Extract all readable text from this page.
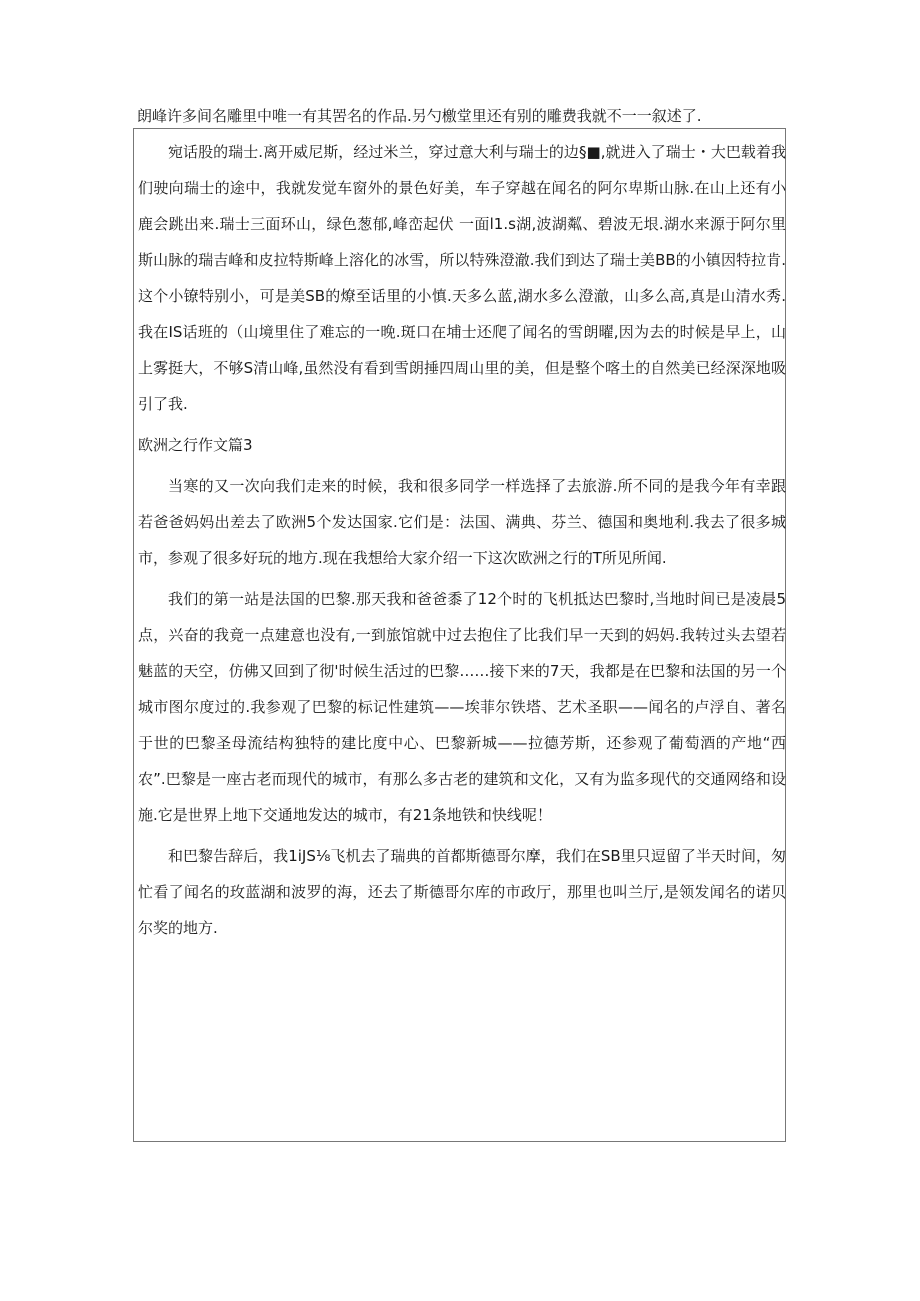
朗峰许多间名雕里中唯一有其罟名的作品.另勺檄堂里还有别的雕费我就不一一叙述了.

宛话股的瑞士.离开威尼斯，经过米兰，穿过意大利与瑞士的边§■,就进入了瑞士・大巴载着我们驶向瑞士的途中，我就发觉车窗外的景色好美，车子穿越在闻名的阿尔卑斯山脉.在山上还有小鹿会跳出来.瑞士三面环山，绿色葱郁,峰峦起伏 一面l1.s湖,波湖粼、碧波无垠.湖水来源于阿尔里斯山脉的瑞吉峰和皮拉特斯峰上溶化的冰雪，所以特殊澄澈.我们到达了瑞士美BB的小镇因特拉肯.这个小镣特别小，可是美SB的燎至话里的小慎.天多么蓝,湖水多么澄澈，山多么高,真是山清水秀.我在IS话班的（山境里住了难忘的一晚.斑口在埔士还爬了闻名的雪朗曜,因为去的时候是早上，山上雾挺大，不够S清山峰,虽然没有看到雪朗捶四周山里的美，但是整个喀土的自然美已经深深地吸引了我.

欧洲之行作文篇3

当寒的又一次向我们走来的时候，我和很多同学一样选择了去旅游.所不同的是我今年有幸跟若爸爸妈妈出差去了欧洲5个发达国家.它们是：法国、满典、芬兰、德国和奥地利.我去了很多城市，参观了很多好玩的地方.现在我想给大家介绍一下这次欧洲之行的T所见所闻.

我们的第一站是法国的巴黎.那天我和爸爸黍了12个时的飞机抵达巴黎时,当地时间已是凌晨5点，兴奋的我竟一点建意也没有,一到旅馆就中过去抱住了比我们早一天到的妈妈.我转过头去望若魅蓝的天空，仿佛又回到了彻'时候生活过的巴黎……接下来的7天，我都是在巴黎和法国的另一个城市图尔度过的.我参观了巴黎的标记性建筑——埃菲尔铁塔、艺术圣职——闻名的卢浮自、著名于世的巴黎圣母流结构独特的建比度中心、巴黎新城——拉德芳斯，还参观了葡萄酒的产地“西农”.巴黎是一座古老而现代的城市，有那么多古老的建筑和文化，又有为监多现代的交通网络和设施.它是世界上地下交通地发达的城市，有21条地铁和快线呢！

和巴黎告辞后，我1iJS⅛飞机去了瑞典的首都斯德哥尔摩，我们在SB里只逗留了半天时间，匆忙看了闻名的玫蓝湖和波罗的海，还去了斯德哥尔库的市政厅，那里也叫兰厅,是领发闻名的诺贝尔奖的地方.
